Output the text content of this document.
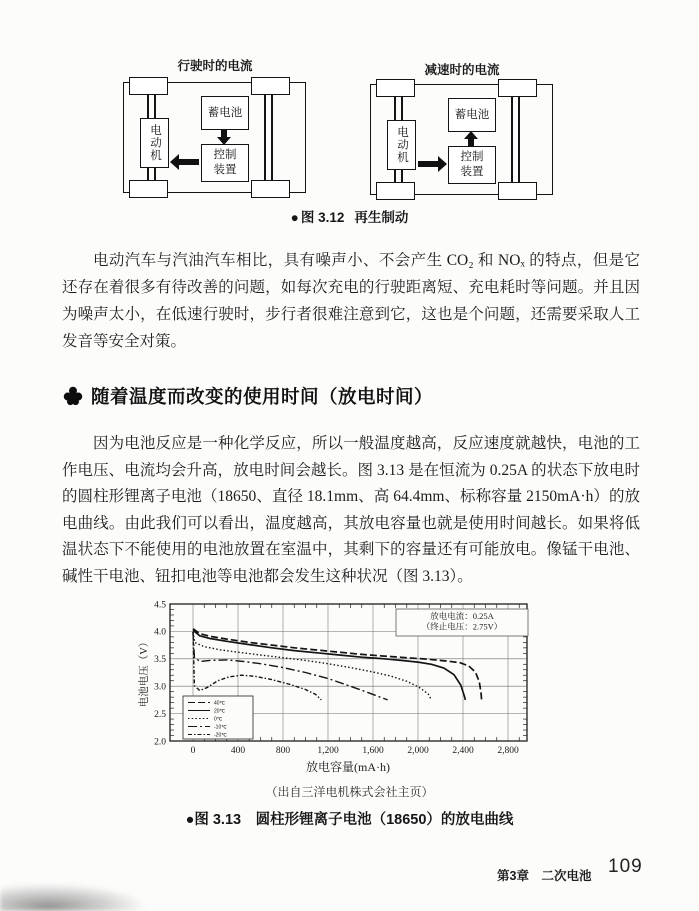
行驶时的电流	减速时的电流
电动机
蓄电池
控制装置
电动机
蓄电池
控制装置
● 图 3.12 再生制动
电动汽车与汽油汽车相比，具有噪声小、不会产生 CO₂ 和 NOₓ 的特点，但是它还存在着很多有待改善的问题，如每次充电的行驶距离短、充电耗时等问题。并且因为噪声太小，在低速行驶时，步行者很难注意到它，这也是个问题，还需要采取人工发音等安全对策。
随着温度而改变的使用时间（放电时间）
因为电池反应是一种化学反应，所以一般温度越高，反应速度就越快，电池的工作电压、电流均会升高，放电时间会越长。图 3.13 是在恒流为 0.25A 的状态下放电时的圆柱形锂离子电池（18650、直径 18.1mm、高 64.4mm、标称容量 2150mA·h）的放电曲线。由此我们可以看出，温度越高，其放电容量也就是使用时间越长。如果将低温状态下不能使用的电池放置在室温中，其剩下的容量还有可能放电。像锰干电池、碱性干电池、钮扣电池等电池都会发生这种状况（图 3.13）。
0	400	800	1,200 1,600 2,000 2,400 2,800
4.5
4.0
3.5
3.0
2.5
2.0
电池电压（V）
放电容量(mA·h)
放电电流：0.25A
（终止电压：2.75V）
40℃
20℃
0℃
-10℃
-20℃
（出自三洋电机株式会社主页）
●图 3.13　圆柱形锂离子电池（18650）的放电曲线
第3章　二次电池 109
